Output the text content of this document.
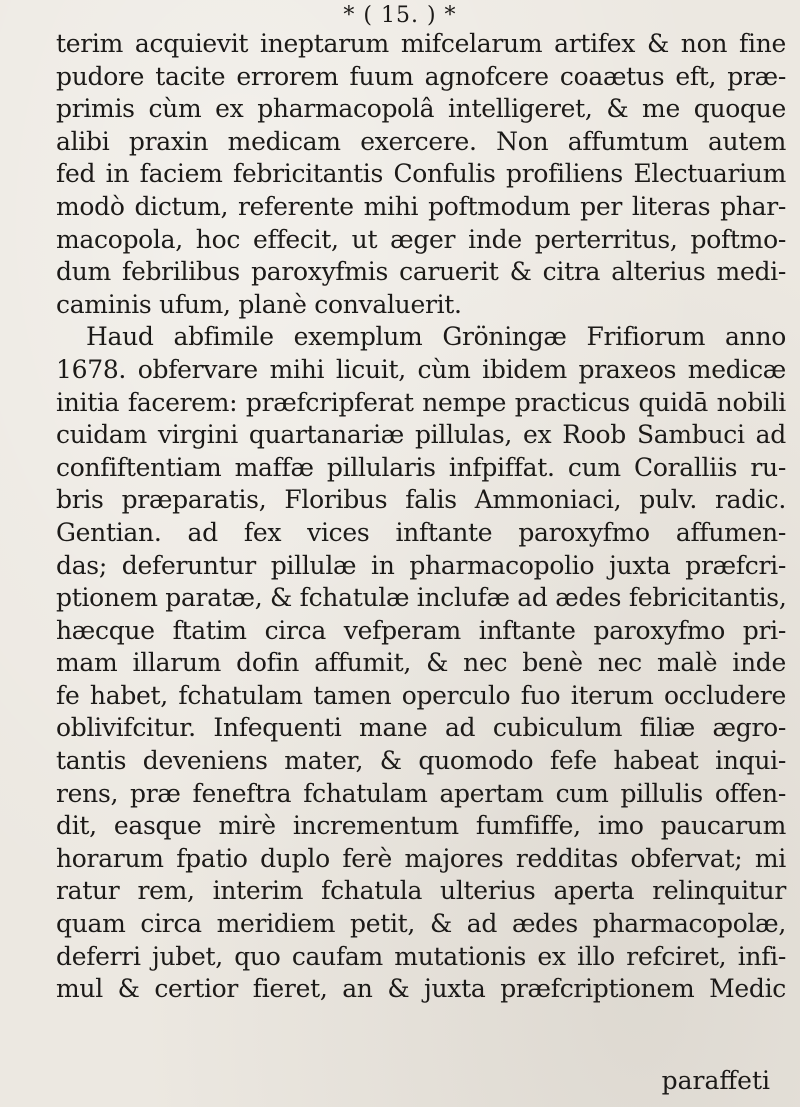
* ( 15. ) *
terim acquievit ineptarum mifcelarum artifex & non fine
pudore tacite errorem fuum agnofcere coaætus eft, præ-
primis cùm ex pharmacopolâ intelligeret, & me quoque
alibi praxin medicam exercere. Non affumtum autem
fed in faciem febricitantis Confulis profiliens Electuarium
modò dictum, referente mihi poftmodum per literas phar-
macopola, hoc effecit, ut æger inde perterritus, poftmo-
dum febrilibus paroxyfmis caruerit & citra alterius medi-
caminis ufum, planè convaluerit.
Haud abfimile exemplum Gröningæ Frifiorum anno
1678. obfervare mihi licuit, cùm ibidem praxeos medicæ
initia facerem: præfcripferat nempe practicus quidā nobili
cuidam virgini quartanariæ pillulas, ex Roob Sambuci ad
confiftentiam maffæ pillularis infpiffat. cum Coralliis ru-
bris præparatis, Floribus falis Ammoniaci, pulv. radic.
Gentian. ad fex vices inftante paroxyfmo affumen-
das; deferuntur pillulæ in pharmacopolio juxta præfcri-
ptionem paratæ, & fchatulæ inclufæ ad ædes febricitantis,
hæcque ftatim circa vefperam inftante paroxyfmo pri-
mam illarum dofin affumit, & nec benè nec malè inde
fe habet, fchatulam tamen operculo fuo iterum occludere
oblivifcitur. Infequenti mane ad cubiculum filiæ ægro-
tantis deveniens mater, & quomodo fefe habeat inqui-
rens, præ feneftra fchatulam apertam cum pillulis offen-
dit, easque mirè incrementum fumfiffe, imo paucarum
horarum fpatio duplo ferè majores redditas obfervat; mi
ratur rem, interim fchatula ulterius aperta relinquitur
quam circa meridiem petit, & ad ædes pharmacopolæ,
deferri jubet, quo caufam mutationis ex illo refciret, infi-
mul & certior fieret, an & juxta præfcriptionem Medic
paraffeti
